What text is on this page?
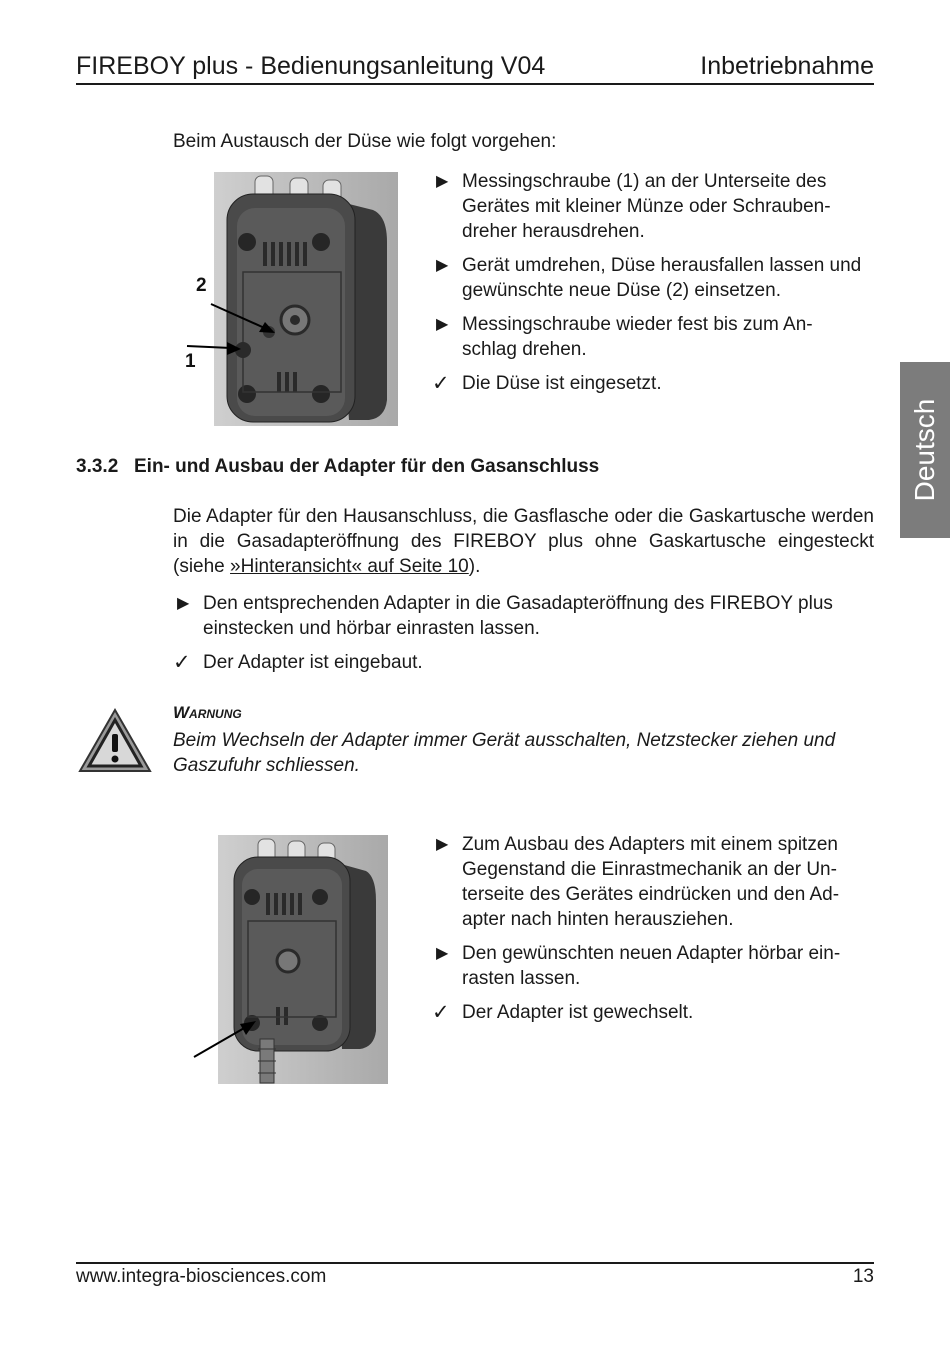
FIREBOY plus - Bedienungsanleitung V04	Inbetriebnahme
Deutsch
Beim Austausch der Düse wie folgt vorgehen:
2
1
▶ Messingschraube (1) an der Unterseite des Gerätes mit kleiner Münze oder Schrauben-dreher herausdrehen.
▶ Gerät umdrehen, Düse herausfallen lassen und gewünschte neue Düse (2) einsetzen.
▶ Messingschraube wieder fest bis zum An-schlag drehen.
✓ Die Düse ist eingesetzt.
3.3.2 Ein- und Ausbau der Adapter für den Gasanschluss
Die Adapter für den Hausanschluss, die Gasflasche oder die Gaskartusche werden in die Gasadapteröffnung des FIREBOY plus ohne Gaskartusche eingesteckt (siehe »Hinteransicht« auf Seite 10).
▶ Den entsprechenden Adapter in die Gasadapteröffnung des FIREBOY plus einstecken und hörbar einrasten lassen.
✓ Der Adapter ist eingebaut.
Warnung
Beim Wechseln der Adapter immer Gerät ausschalten, Netzstecker ziehen und Gaszufuhr schliessen.
▶ Zum Ausbau des Adapters mit einem spitzen Gegenstand die Einrastmechanik an der Un-terseite des Gerätes eindrücken und den Ad-apter nach hinten herausziehen.
▶ Den gewünschten neuen Adapter hörbar ein-rasten lassen.
✓ Der Adapter ist gewechselt.
www.integra-biosciences.com	13
